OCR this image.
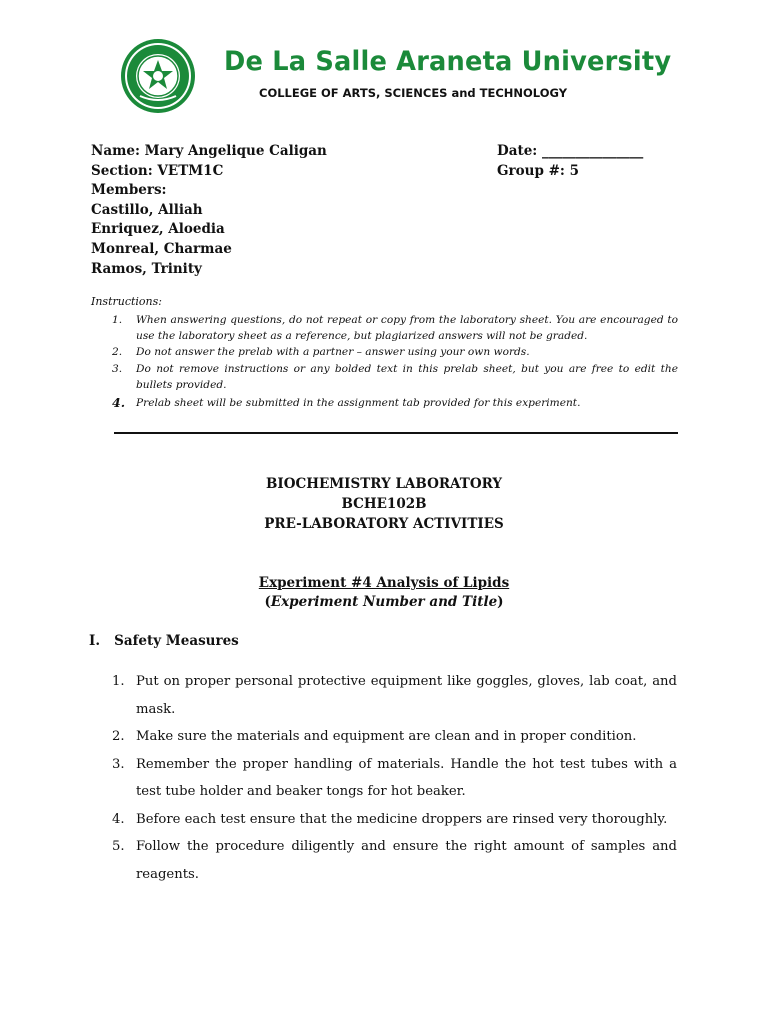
De La Salle Araneta University
COLLEGE OF ARTS, SCIENCES and TECHNOLOGY
Name: Mary Angelique Caligan
Section: VETM1C
Members:
Castillo, Alliah
Enriquez, Aloedia
Monreal, Charmae
Ramos, Trinity
Date: _______________
Group #: 5
Instructions:
1. When answering questions, do not repeat or copy from the laboratory sheet. You are encouraged to use the laboratory sheet as a reference, but plagiarized answers will not be graded.
2. Do not answer the prelab with a partner – answer using your own words.
3. Do not remove instructions or any bolded text in this prelab sheet, but you are free to edit the bullets provided.
4. Prelab sheet will be submitted in the assignment tab provided for this experiment.
BIOCHEMISTRY LABORATORY
BCHE102B
PRE-LABORATORY ACTIVITIES
Experiment #4 Analysis of Lipids
(Experiment Number and Title)
I.   Safety Measures
1. Put on proper personal protective equipment like goggles, gloves, lab coat, and mask.
2. Make sure the materials and equipment are clean and in proper condition.
3. Remember the proper handling of materials. Handle the hot test tubes with a test tube holder and beaker tongs for hot beaker.
4. Before each test ensure that the medicine droppers are rinsed very thoroughly.
5. Follow the procedure diligently and ensure the right amount of samples and reagents.
